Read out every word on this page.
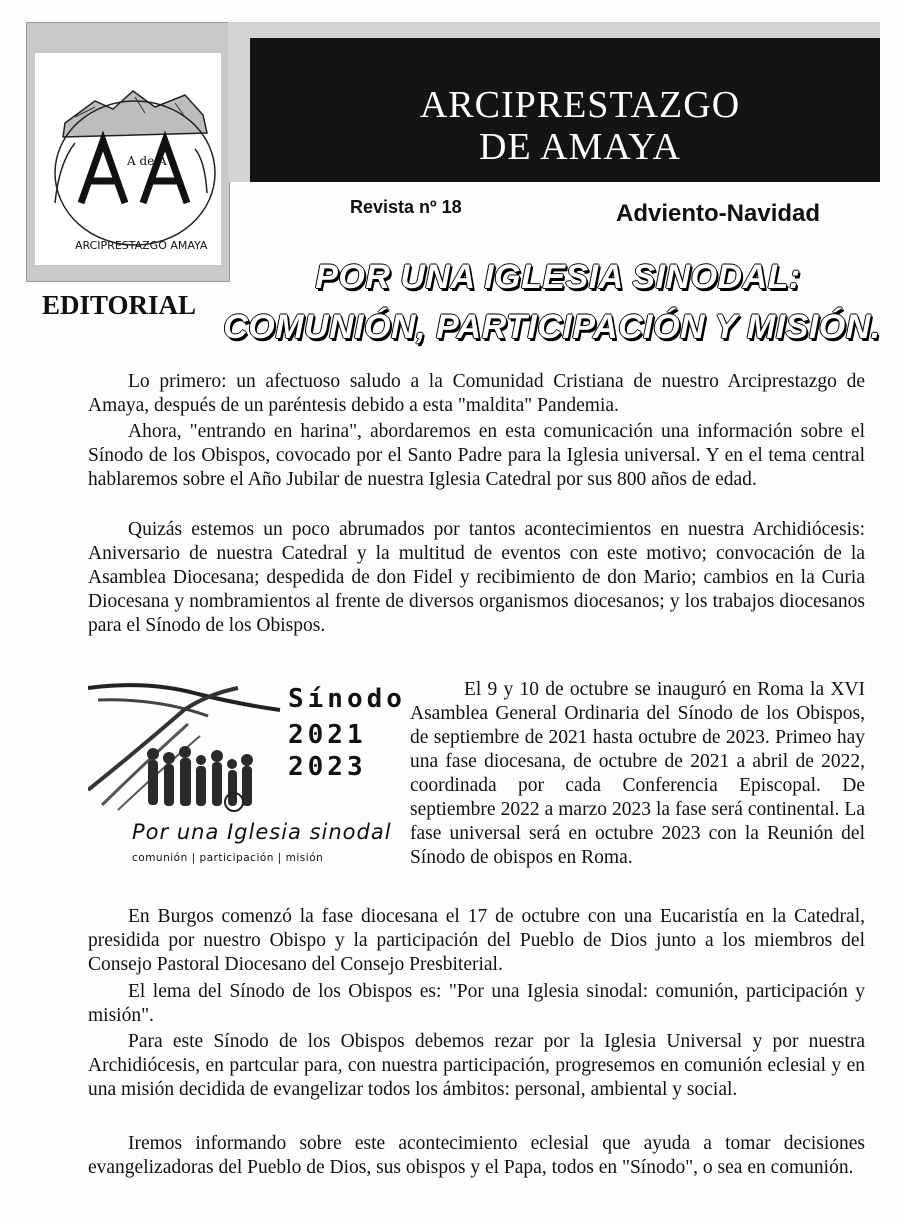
A de A
ARCIPRESTAZGO AMAYA
ARCIPRESTAZGO
DE AMAYA
Revista nº 18	Adviento-Navidad
EDITORIAL
POR UNA IGLESIA SINODAL:
COMUNIÓN, PARTICIPACIÓN Y MISIÓN.

Lo primero: un afectuoso saludo a la Comunidad Cristiana de nuestro Arciprestazgo de Amaya, después de un paréntesis debido a esta "maldita" Pandemia.

Ahora, "entrando en harina", abordaremos en esta comunicación una información sobre el Sínodo de los Obispos, covocado por el Santo Padre para la Iglesia universal. Y en el tema central hablaremos sobre el Año Jubilar de nuestra Iglesia Catedral por sus 800 años de edad.

Quizás estemos un poco abrumados por tantos acontecimientos en nuestra Archidiócesis: Aniversario de nuestra Catedral y la multitud de eventos con este motivo; convocación de la Asamblea Diocesana; despedida de don Fidel y recibimiento de don Mario; cambios en la Curia Diocesana y nombramientos al frente de diversos organismos diocesanos; y los trabajos diocesanos para el Sínodo de los Obispos.

Sínodo
2021
2023
Por una Iglesia sinodal
comunión | participación | misión

El 9 y 10 de octubre se inauguró en Roma la XVI Asamblea General Ordinaria del Sínodo de los Obispos, de septiembre de 2021 hasta octubre de 2023. Primeo hay una fase diocesana, de octubre de 2021 a abril de 2022, coordinada por cada Conferencia Episcopal. De septiembre 2022 a marzo 2023 la fase será continental. La fase universal será en octubre 2023 con la Reunión del Sínodo de obispos en Roma.

En Burgos comenzó la fase diocesana el 17 de octubre con una Eucaristía en la Catedral, presidida por nuestro Obispo y la participación del Pueblo de Dios junto a los miembros del Consejo Pastoral Diocesano del Consejo Presbiterial.

El lema del Sínodo de los Obispos es: "Por una Iglesia sinodal: comunión, participación y misión".

Para este Sínodo de los Obispos debemos rezar por la Iglesia Universal y por nuestra Archidiócesis, en partcular para, con nuestra participación, progresemos en comunión eclesial y en una misión decidida de evangelizar todos los ámbitos: personal, ambiental y social.

Iremos informando sobre este acontecimiento eclesial que ayuda a tomar decisiones evangelizadoras del Pueblo de Dios, sus obispos y el Papa, todos en "Sínodo", o sea en comunión.
